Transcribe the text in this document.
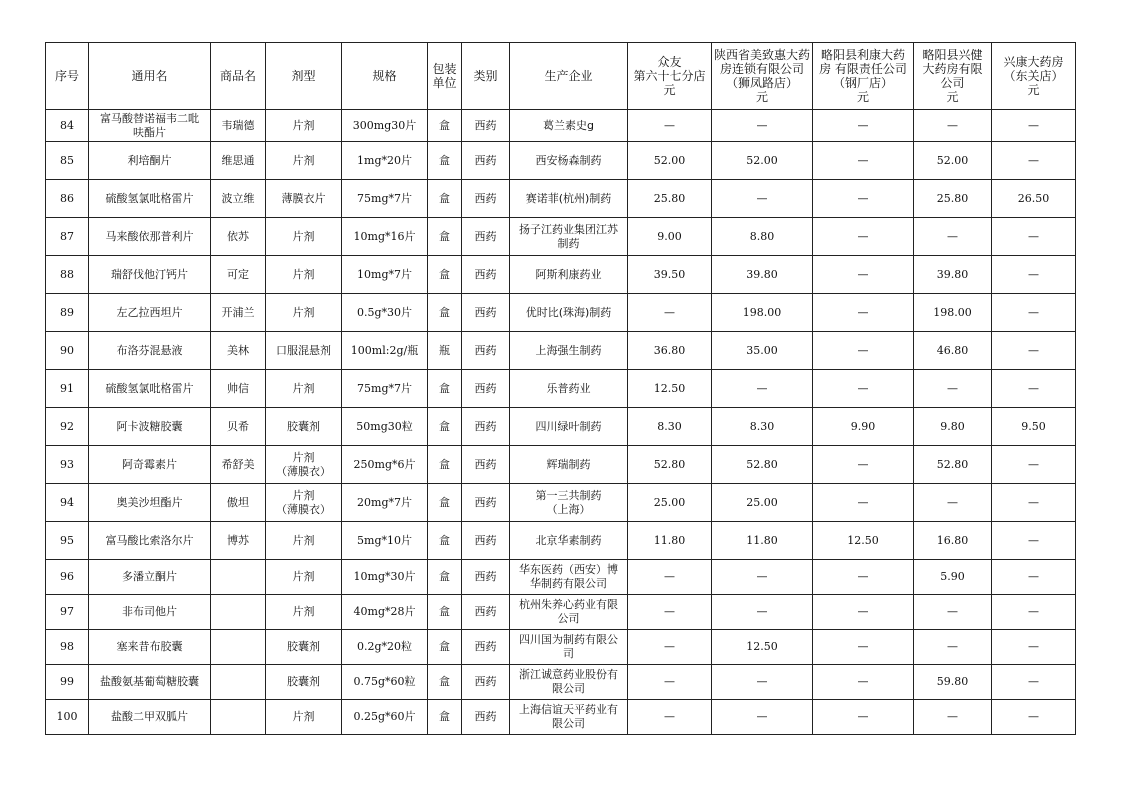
序号	通用名	商品名	剂型	规格	包装
单位	类别	生产企业	众友
第六十七分店
元	陕西省美致惠大药
房连锁有限公司
（狮凤路店）
元	略阳县利康大药
房 有限责任公司
（钢厂店）
元	略阳县兴健
大药房有限
公司
元	兴康大药房
（东关店）
元
84	富马酸替诺福韦二吡
呋酯片	韦瑞德	片剂	300mg30片	盒	西药	葛兰素史g	—	—	—	—	—
85	利培酮片	维思通	片剂	1mg*20片	盒	西药	西安杨森制药	52.00	52.00	—	52.00	—
86	硫酸氢氯吡格雷片	波立维	薄膜衣片	75mg*7片	盒	西药	赛诺菲(杭州)制药	25.80	—	—	25.80	26.50
87	马来酸依那普利片	依苏	片剂	10mg*16片	盒	西药	扬子江药业集团江苏
制药	9.00	8.80	—	—	—
88	瑞舒伐他汀钙片	可定	片剂	10mg*7片	盒	西药	阿斯利康药业	39.50	39.80	—	39.80	—
89	左乙拉西坦片	开浦兰	片剂	0.5g*30片	盒	西药	优时比(珠海)制药	—	198.00	—	198.00	—
90	布洛芬混悬液	美林	口服混悬剂	100ml:2g/瓶	瓶	西药	上海强生制药	36.80	35.00	—	46.80	—
91	硫酸氢氯吡格雷片	帅信	片剂	75mg*7片	盒	西药	乐普药业	12.50	—	—	—	—
92	阿卡波糖胶囊	贝希	胶囊剂	50mg30粒	盒	西药	四川绿叶制药	8.30	8.30	9.90	9.80	9.50
93	阿奇霉素片	希舒美	片剂
（薄膜衣）	250mg*6片	盒	西药	辉瑞制药	52.80	52.80	—	52.80	—
94	奥美沙坦酯片	傲坦	片剂
（薄膜衣）	20mg*7片	盒	西药	第一三共制药
（上海）	25.00	25.00	—	—	—
95	富马酸比索洛尔片	博苏	片剂	5mg*10片	盒	西药	北京华素制药	11.80	11.80	12.50	16.80	—
96	多潘立酮片		片剂	10mg*30片	盒	西药	华东医药（西安）博
华制药有限公司	—	—	—	5.90	—
97	非布司他片		片剂	40mg*28片	盒	西药	杭州朱养心药业有限
公司	—	—	—	—	—
98	塞来昔布胶囊		胶囊剂	0.2g*20粒	盒	西药	四川国为制药有限公
司	—	12.50	—	—	—
99	盐酸氨基葡萄糖胶囊		胶囊剂	0.75g*60粒	盒	西药	浙江诚意药业股份有
限公司	—	—	—	59.80	—
100	盐酸二甲双胍片		片剂	0.25g*60片	盒	西药	上海信谊天平药业有
限公司	—	—	—	—	—
